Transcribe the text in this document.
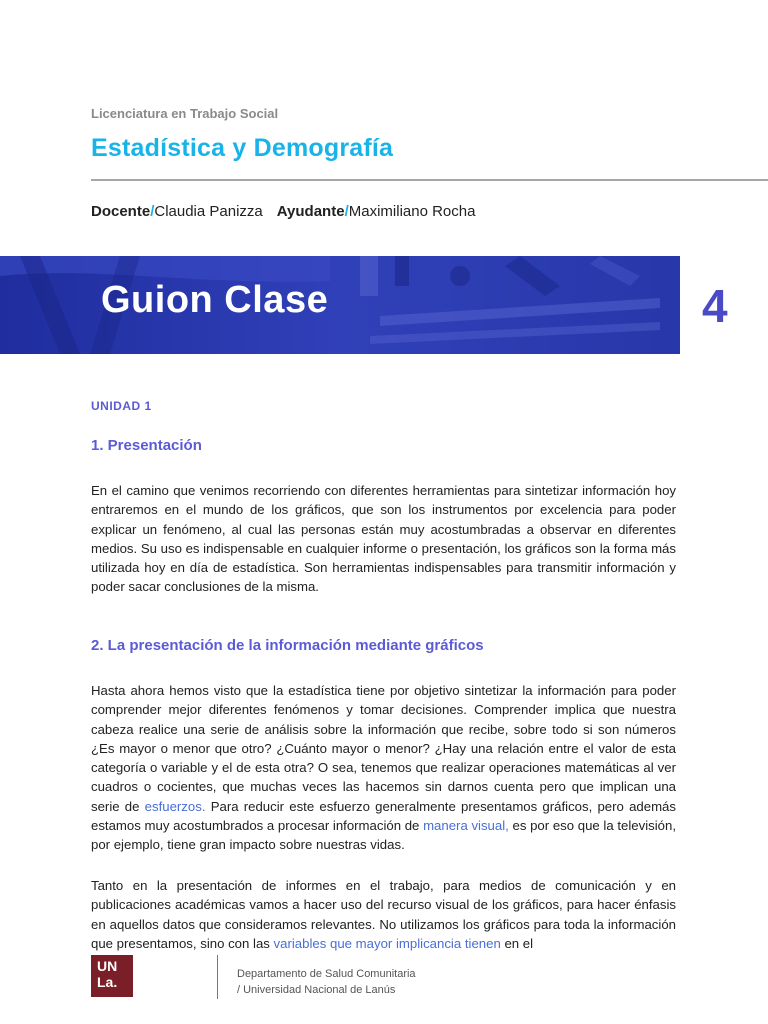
Licenciatura en Trabajo Social
Estadística y Demografía
Docente/Claudia Panizza Ayudante/Maximiliano Rocha
Guion Clase	4
UNIDAD 1
1. Presentación
En el camino que venimos recorriendo con diferentes herramientas para sintetizar información hoy entraremos en el mundo de los gráficos, que son los instrumentos por excelencia para poder explicar un fenómeno, al cual las personas están muy acostumbradas a observar en diferentes medios. Su uso es indispensable en cualquier informe o presentación, los gráficos son la forma más utilizada hoy en día de estadística. Son herramientas indispensables para transmitir información y poder sacar conclusiones de la misma.
2. La presentación de la información mediante gráficos
Hasta ahora hemos visto que la estadística tiene por objetivo sintetizar la información para poder comprender mejor diferentes fenómenos y tomar decisiones. Comprender implica que nuestra cabeza realice una serie de análisis sobre la información que recibe, sobre todo si son números ¿Es mayor o menor que otro? ¿Cuánto mayor o menor? ¿Hay una relación entre el valor de esta categoría o variable y el de esta otra? O sea, tenemos que realizar operaciones matemáticas al ver cuadros o cocientes, que muchas veces las hacemos sin darnos cuenta pero que implican una serie de esfuerzos. Para reducir este esfuerzo generalmente presentamos gráficos, pero además estamos muy acostumbrados a procesar información de manera visual, es por eso que la televisión, por ejemplo, tiene gran impacto sobre nuestras vidas.
Tanto en la presentación de informes en el trabajo, para medios de comunicación y en publicaciones académicas vamos a hacer uso del recurso visual de los gráficos, para hacer énfasis en aquellos datos que consideramos relevantes. No utilizamos los gráficos para toda la información que presentamos, sino con las variables que mayor implicancia tienen en el
UN La.	Departamento de Salud Comunitaria
/ Universidad Nacional de Lanús
